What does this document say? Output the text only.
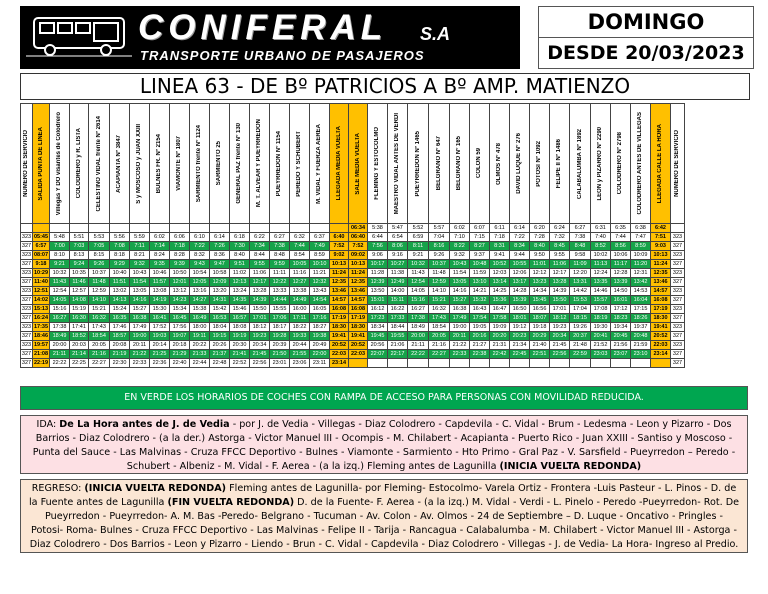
CONIFERAL S.A
TRANSPORTE URBANO DE PASAJEROS
DOMINGO
DESDE 20/03/2023
LINEA 63 - DE Bº PATRICIOS A Bº AMP. MATIENZO
NUMERO DE SERVICIO	SALIDA PUNTA DE LINEA	Villegas Y DO visantes de Colodrero	COLODRERO y R. LISTA	CELESTINO VIDAL frente Nº 2614	ACAPIANTA Nº 3847	S y MOSCOSO y JUAN XXIII	BULNES FR. Nº 2154	VIAMONTE Nº 1807	SARMIENTO frente Nº 1124	SARMIENTO 25	GENERAL PAZ frente Nº 130	M. T. ALVEAR Y PUEYRREDON	PUEYRREDON Nº 1154	PEREDO Y SCHUBERT	M. VIDAL Y FUERZA AEREA	LLEGADA MEDIA VUELTA	SALE MEDIA VUELTA	FLEMING Y ESTOCOLMO	MAESTRO VIDAL ANTES DE VERDI	PUEYRREDON Nº 1465	BELGRANO Nº 647	BELGRANO Nº 165	COLON 59	OLMOS Nº 478	DAVID LUQUE Nº 276	POTOSI Nº 1092	FELIPE II Nº 1486	CALABALUMBA Nº 1892	LEON y PIZARRO Nº 2290	COLODRERO Nº 2798	COLODRERO ANTES DE VILLEGAS	LLEGADA CALLE LA HORA	NUMERO DE SERVICIO

																	06:34	5:38	5:47	5:52	5:57	6:02	6:07	6:11	6:14	6:20	6:24	6:27	6:31	6:35	6:38	6:42	
323	05:45	5:48	5:51	5:53	5:56	5:59	6:02	6:06	6:10	6:14	6:18	6:22	6:27	6:32	6:37	6:40	06:40	6:44	6:54	6:59	7:04	7:10	7:15	7:18	7:22	7:28	7:32	7:38	7:40	7:44	7:47	7:51	323
327	6:57	7:00	7:03	7:05	7:08	7:11	7:14	7:18	7:22	7:26	7:30	7:34	7:38	7:44	7:49	7:52	7:52	7:56	8:06	8:11	8:16	8:22	8:27	8:31	8:34	8:40	8:45	8:48	8:52	8:56	8:59	9:03	327
323	08:07	8:10	8:13	8:15	8:18	8:21	8:24	8:28	8:32	8:36	8:40	8:44	8:48	8:54	8:59	9:02	09:02	9:06	9:16	9:21	9:26	9:32	9:37	9:41	9:44	9:50	9:55	9:58	10:02	10:06	10:09	10:13	323
327	9:18	9:21	9:24	9:26	9:29	9:32	9:35	9:39	9:43	9:47	9:51	9:55	9:59	10:05	10:10	10:13	10:13	10:17	10:27	10:32	10:37	10:43	10:48	10:52	10:55	11:01	11:06	11:09	11:13	11:17	11:20	11:24	327
323	10:29	10:32	10:35	10:37	10:40	10:43	10:46	10:50	10:54	10:58	11:02	11:06	11:11	11:16	11:21	11:24	11:24	11:28	11:38	11:43	11:48	11:54	11:59	12:03	12:06	12:12	12:17	12:20	12:24	12:28	12:31	12:35	323
327	11:40	11:43	11:46	11:48	11:51	11:54	11:57	12:01	12:05	12:09	12:13	12:17	12:22	12:27	12:32	12:35	12:35	12:39	12:49	12:54	12:59	13:05	13:10	13:14	13:17	13:23	13:28	13:31	13:35	13:39	13:42	13:46	327
323	12:51	12:54	12:57	12:59	13:02	13:05	13:08	13:12	13:16	13:20	13:24	13:28	13:33	13:38	13:43	13:46	13:46	13:50	14:00	14:05	14:10	14:16	14:21	14:25	14:28	14:34	14:39	14:42	14:46	14:50	14:53	14:57	323
327	14:02	14:05	14:08	14:10	14:13	14:16	14:19	14:23	14:27	14:31	14:35	14:39	14:44	14:49	14:54	14:57	14:57	15:01	15:11	15:16	15:21	15:27	15:32	15:36	15:39	15:45	15:50	15:53	15:57	16:01	16:04	16:08	327
323	15:13	15:16	15:19	15:21	15:24	15:27	15:30	15:34	15:38	15:42	15:46	15:50	15:55	16:00	16:05	16:08	16:08	16:12	16:22	16:27	16:32	16:38	16:43	16:47	16:50	16:56	17:01	17:04	17:08	17:12	17:15	17:19	323
327	16:24	16:27	16:30	16:32	16:35	16:38	16:41	16:45	16:49	16:53	16:57	17:01	17:06	17:11	17:16	17:19	17:19	17:23	17:33	17:38	17:43	17:49	17:54	17:58	18:01	18:07	18:12	18:15	18:19	18:23	18:26	18:30	327
323	17:35	17:38	17:41	17:43	17:46	17:49	17:52	17:56	18:00	18:04	18:08	18:12	18:17	18:22	18:27	18:30	18:30	18:34	18:44	18:49	18:54	19:00	19:05	19:09	19:12	19:18	19:23	19:26	19:30	19:34	19:37	19:41	323
327	18:46	18:49	18:52	18:54	18:57	19:00	19:03	19:07	19:11	19:15	19:19	19:23	19:28	19:33	19:38	19:41	19:41	19:45	19:55	20:00	20:05	20:11	20:16	20:20	20:23	20:29	20:34	20:37	20:41	20:45	20:48	20:52	327
323	19:57	20:00	20:03	20:05	20:08	20:11	20:14	20:18	20:22	20:26	20:30	20:34	20:39	20:44	20:49	20:52	20:52	20:56	21:06	21:11	21:16	21:22	21:27	21:31	21:34	21:40	21:45	21:48	21:52	21:56	21:59	22:03	323
327	21:08	21:11	21:14	21:16	21:19	21:22	21:25	21:29	21:33	21:37	21:41	21:45	21:50	21:55	22:00	22:03	22:03	22:07	22:17	22:22	22:27	22:33	22:38	22:42	22:45	22:51	22:56	22:59	23:03	23:07	23:10	23:14	327
327	22:19	22:22	22:25	22:27	22:30	22:33	22:36	22:40	22:44	22:48	22:52	22:56	23:01	23:06	23:11	23:14																	327
EN VERDE LOS HORARIOS DE COCHES CON RAMPA DE ACCESO PARA PERSONAS CON MOVILIDAD REDUCIDA.
IDA: De La Hora antes de J. de Vedia - por J. de Vedia - Villegas - Diaz Colodrero - Capdevila - C. Vidal - Brum - Ledesma - Leon y Pizarro - Dos Barrios - Diaz Colodrero - (a la der.) Astorga - Victor Manuel III - Ocompis - M. Chilabert - Acapianta - Puerto Rico - Juan XXIII - Santiso y Moscoso - Punta del Sauce - Las Malvinas - Cruza FFCC Deportivo - Bulnes - Viamonte - Sarmiento - Hto Primo - Gral Paz - V. Sarsfield - Pueyrredon – Peredo - Schubert - Albeniz - M. Vidal - F. Aerea - (a la izq.) Fleming antes de Lagunilla (INICIA VUELTA REDONDA)
REGRESO: (INICIA VUELTA REDONDA) Fleming antes de Lagunilla- por Fleming- Estocolmo- Varela Ortiz - Frontera -Luis Pasteur - L. Pinos - D. de la Fuente antes de Lagunilla (FIN VUELTA REDONDA) D. de la Fuente- F. Aerea - (a la izq.) M. Vidal - Verdi - L. Pinelo - Peredo -Pueyrredon- Rot. De Pueyrredon - Pueyrredon- A. M. Bas -Peredo- Belgrano - Tucuman - Av. Colon - Av. Olmos - 24 de Septiembre – D. Luque - Oncativo - Pringles - Potosi- Roma- Bulnes - Cruza FFCC Deportivo - Las Malvinas - Felipe II - Tarija - Rancagua - Calabalumba - M. Chilabert - Victor Manuel III - Astorga - Diaz Colodrero - Dos Barrios - Leon y Pizarro - Liendo - Brun - C. Vidal - Capdevila - Diaz Colodrero - Villegas - J. de Vedia- La Hora- Ingreso al Predio.
